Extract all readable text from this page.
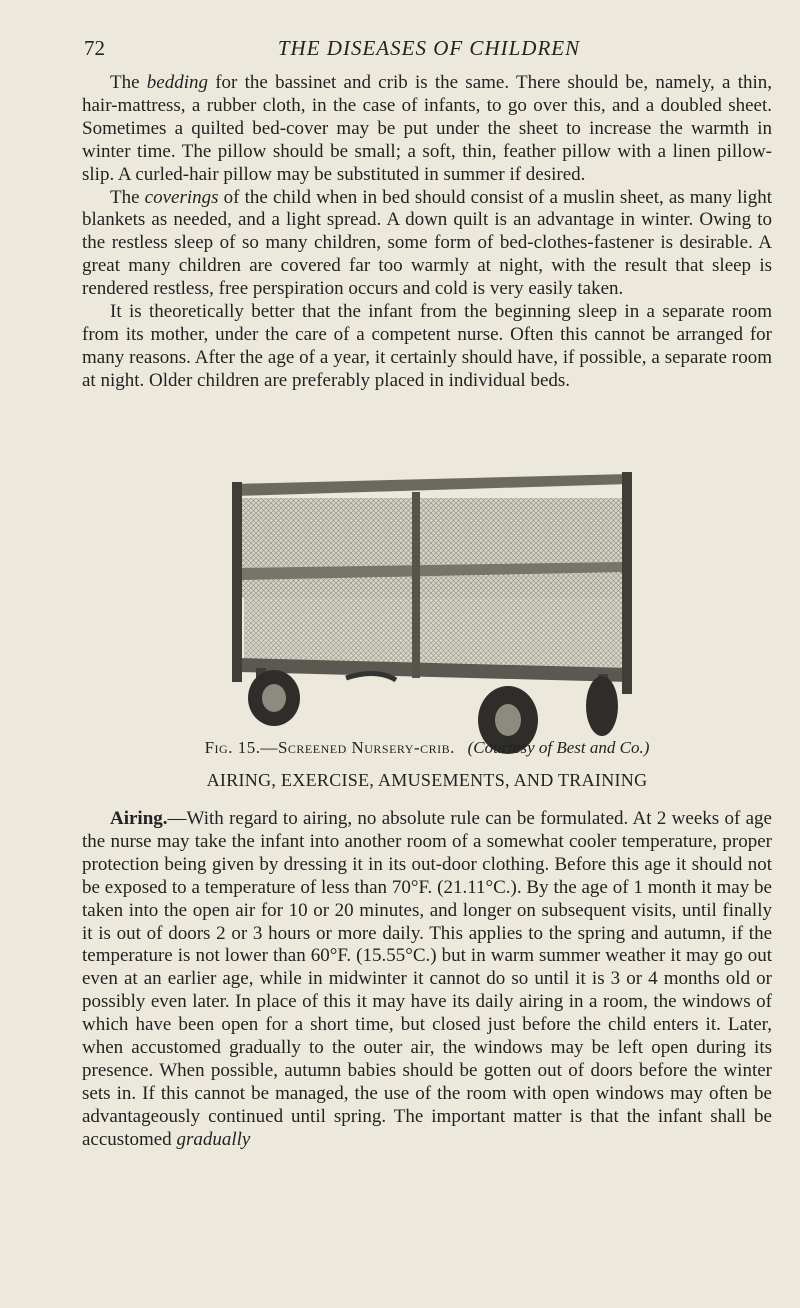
72	THE DISEASES OF CHILDREN

The bedding for the bassinet and crib is the same. There should be, namely, a thin, hair-mattress, a rubber cloth, in the case of infants, to go over this, and a doubled sheet. Sometimes a quilted bed-cover may be put under the sheet to increase the warmth in winter time. The pillow should be small; a soft, thin, feather pillow with a linen pillow-slip. A curled-hair pillow may be substituted in summer if desired.

The coverings of the child when in bed should consist of a muslin sheet, as many light blankets as needed, and a light spread. A down quilt is an advantage in winter. Owing to the restless sleep of so many children, some form of bed-clothes-fastener is desirable. A great many children are covered far too warmly at night, with the result that sleep is rendered restless, free perspiration occurs and cold is very easily taken.

It is theoretically better that the infant from the beginning sleep in a separate room from its mother, under the care of a competent nurse. Often this cannot be arranged for many reasons. After the age of a year, it certainly should have, if possible, a separate room at night. Older children are preferably placed in individual beds.

Fig. 15.—Screened Nursery-crib. (Courtesy of Best and Co.)
AIRING, EXERCISE, AMUSEMENTS, AND TRAINING

Airing.—With regard to airing, no absolute rule can be formulated. At 2 weeks of age the nurse may take the infant into another room of a somewhat cooler temperature, proper protection being given by dressing it in its out-door clothing. Before this age it should not be exposed to a temperature of less than 70°F. (21.11°C.). By the age of 1 month it may be taken into the open air for 10 or 20 minutes, and longer on subsequent visits, until finally it is out of doors 2 or 3 hours or more daily. This applies to the spring and autumn, if the temperature is not lower than 60°F. (15.55°C.) but in warm summer weather it may go out even at an earlier age, while in midwinter it cannot do so until it is 3 or 4 months old or possibly even later. In place of this it may have its daily airing in a room, the windows of which have been open for a short time, but closed just before the child enters it. Later, when accustomed gradually to the outer air, the windows may be left open during its presence. When possible, autumn babies should be gotten out of doors before the winter sets in. If this cannot be managed, the use of the room with open windows may often be advantageously continued until spring. The important matter is that the infant shall be accustomed gradually
